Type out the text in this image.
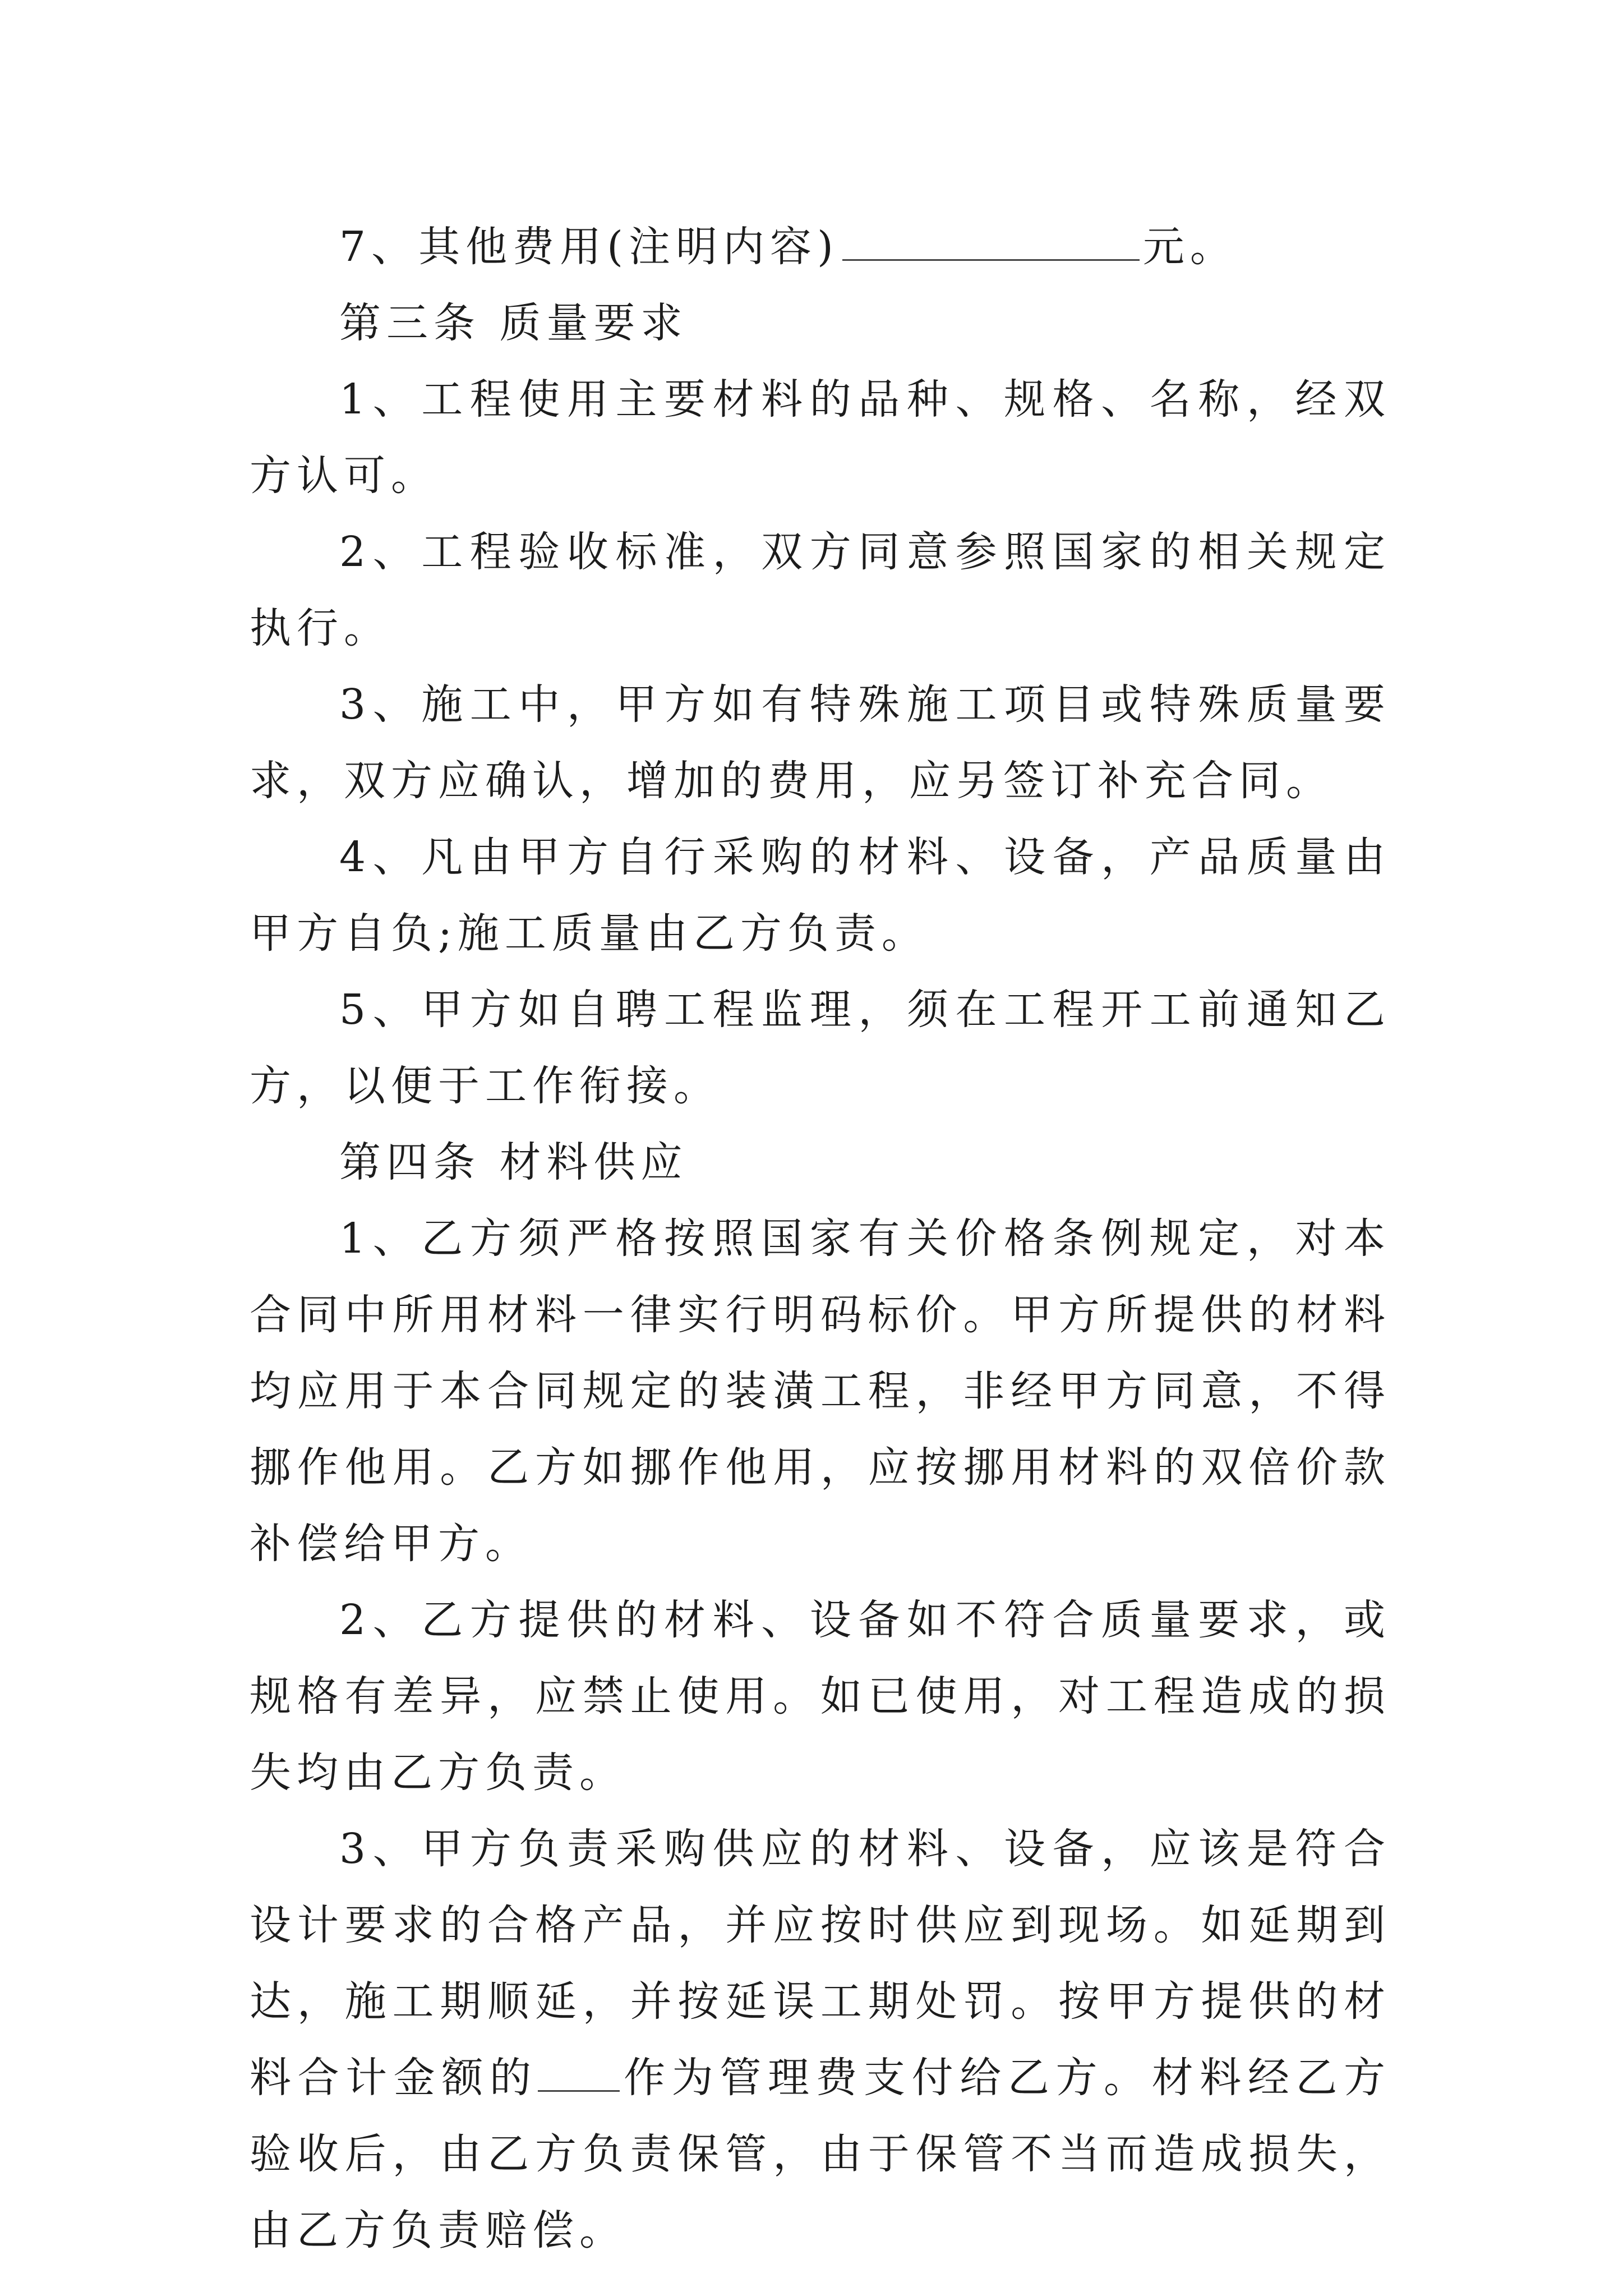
7、其他费用(注明内容)	元。

第三条 质量要求

1、工程使用主要材料的品种、规格、名称，经双方认可。

2、工程验收标准，双方同意参照国家的相关规定执行。

3、施工中，甲方如有特殊施工项目或特殊质量要求，双方应确认，增加的费用，应另签订补充合同。

4、凡由甲方自行采购的材料、设备，产品质量由甲方自负;施工质量由乙方负责。

5、甲方如自聘工程监理，须在工程开工前通知乙方，以便于工作衔接。

第四条 材料供应

1、乙方须严格按照国家有关价格条例规定，对本合同中所用材料一律实行明码标价。甲方所提供的材料均应用于本合同规定的装潢工程，非经甲方同意，不得挪作他用。乙方如挪作他用，应按挪用材料的双倍价款补偿给甲方。

2、乙方提供的材料、设备如不符合质量要求，或规格有差异，应禁止使用。如已使用，对工程造成的损失均由乙方负责。

3、甲方负责采购供应的材料、设备，应该是符合设计要求的合格产品，并应按时供应到现场。如延期到达，施工期顺延，并按延误工期处罚。按甲方提供的材料合计金额的 作为管理费支付给乙方。材料经乙方验收后，由乙方负责保管，由于保管不当而造成损失，由乙方负责赔偿。
